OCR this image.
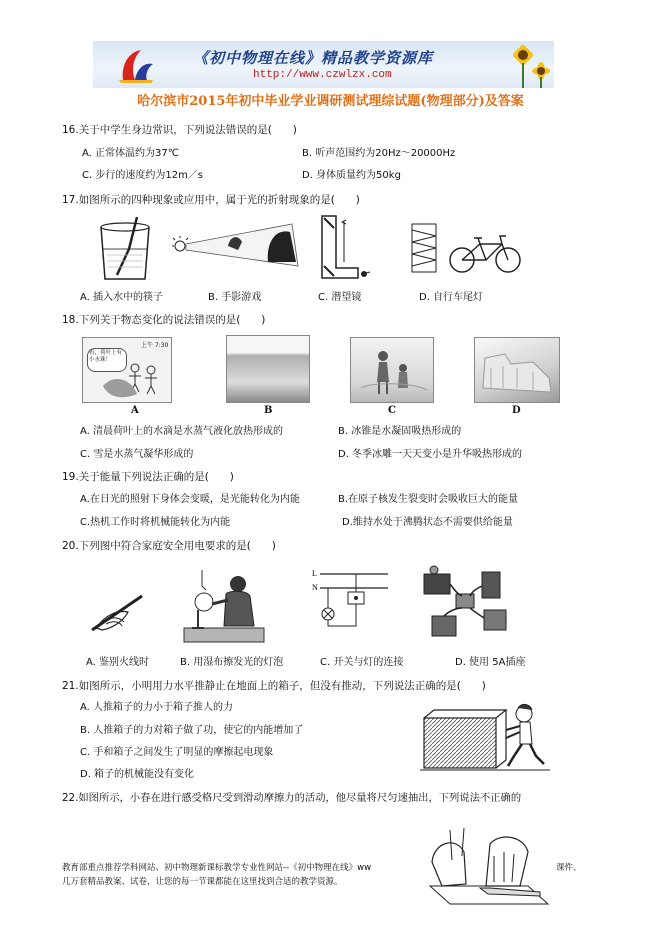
《初中物理在线》精品教学资源库
http://www.czwlzx.com
哈尔滨市2015年初中毕业学业调研测试理综试题(物理部分)及答案
16.关于中学生身边常识，下列说法错误的是(　　)
A. 正常体温约为37℃	B. 听声范围约为20Hz～20000Hz
C. 步行的速度约为12m／s	D. 身体质量约为50kg
17.如图所示的四种现象或应用中，属于光的折射现象的是(　　)
A. 插入水中的筷子	B. 手影游戏	C. 潜望镜	D. 自行车尾灯
18.下列关于物态变化的说法错误的是(　　)
看，荷叶上有小水珠！
上午 7:30
A	B	C	D
A. 清晨荷叶上的水滴是水蒸气液化放热形成的	B. 冰锥是水凝固吸热形成的
C. 雪是水蒸气凝华形成的	D. 冬季冰雕一天天变小是升华吸热形成的
19.关于能量下列说法正确的是(　　)
A.在日光的照射下身体会变暖，是光能转化为内能	B.在原子核发生裂变时会吸收巨大的能量
C.热机工作时将机械能转化为内能	D.维持水处于沸腾状态不需要供给能量
20.下列图中符合家庭安全用电要求的是(　　)
L
N
A. 鉴别火线时	B. 用湿布擦发光的灯泡	C. 开关与灯的连接	D. 使用 5A插座
21.如图所示，小明用力水平推静止在地面上的箱子，但没有推动，下列说法正确的是(　　)
A. 人推箱子的力小于箱子推人的力
B. 人推箱子的力对箱子做了功，使它的内能增加了
C. 手和箱子之间发生了明显的摩擦起电现象
D. 箱子的机械能没有变化
22.如图所示，小春在进行感受格尺受到滑动摩擦力的活动，他尽量将尺匀速抽出，下列说法不正确的
教育部重点推荐学科网站、初中物理新课标教学专业性网站--《初中物理在线》ww	课件、
几万套精品教案、试卷，让您的每一节课都能在这里找到合适的教学资源。
